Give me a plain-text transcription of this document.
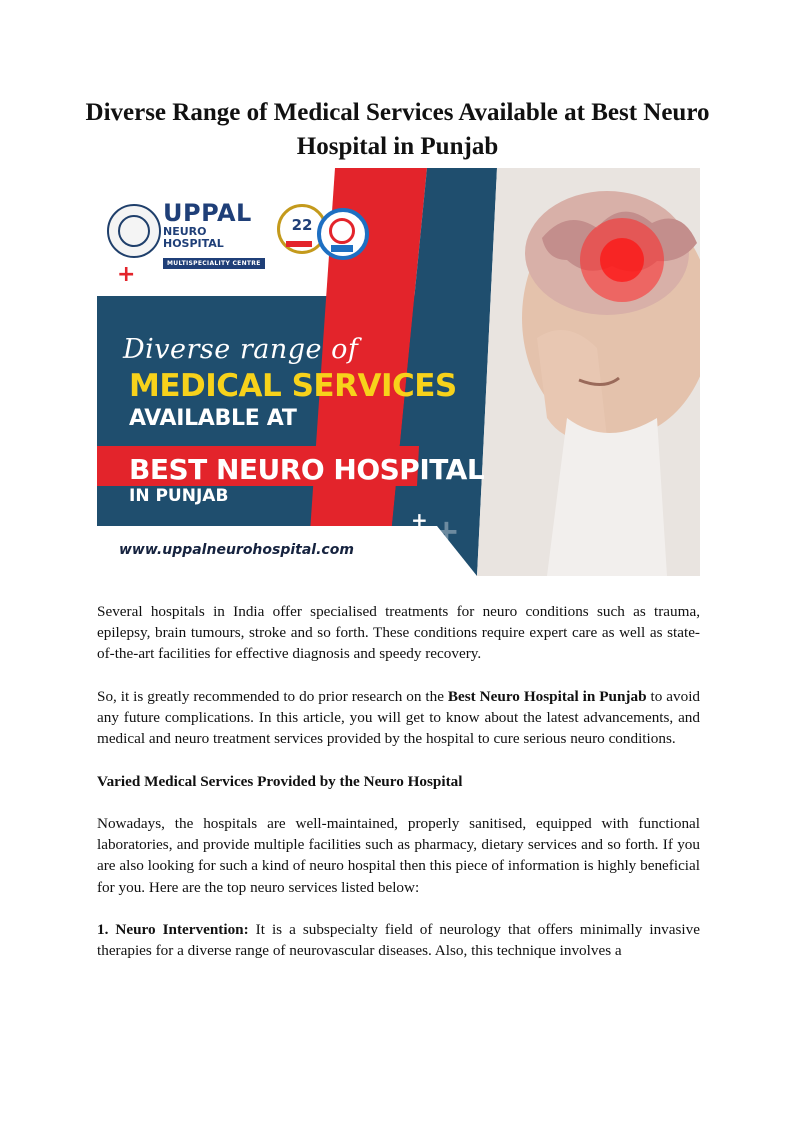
Diverse Range of Medical Services Available at Best Neuro Hospital in Punjab
UPPAL
NEURO HOSPITAL
MULTISPECIALITY CENTRE
22
+
Diverse range of
MEDICAL SERVICES
AVAILABLE AT
BEST NEURO HOSPITAL
IN PUNJAB
+ +
www.uppalneurohospital.com

Several hospitals in India offer specialised treatments for neuro conditions such as trauma, epilepsy, brain tumours, stroke and so forth. These conditions require expert care as well as state-of-the-art facilities for effective diagnosis and speedy recovery.

So, it is greatly recommended to do prior research on the Best Neuro Hospital in Punjab to avoid any future complications. In this article, you will get to know about the latest advancements, and medical and neuro treatment services provided by the hospital to cure serious neuro conditions.

Varied Medical Services Provided by the Neuro Hospital

Nowadays, the hospitals are well-maintained, properly sanitised, equipped with functional laboratories, and provide multiple facilities such as pharmacy, dietary services and so forth. If you are also looking for such a kind of neuro hospital then this piece of information is highly beneficial for you. Here are the top neuro services listed below:

1. Neuro Intervention: It is a subspecialty field of neurology that offers minimally invasive therapies for a diverse range of neurovascular diseases. Also, this technique involves a
